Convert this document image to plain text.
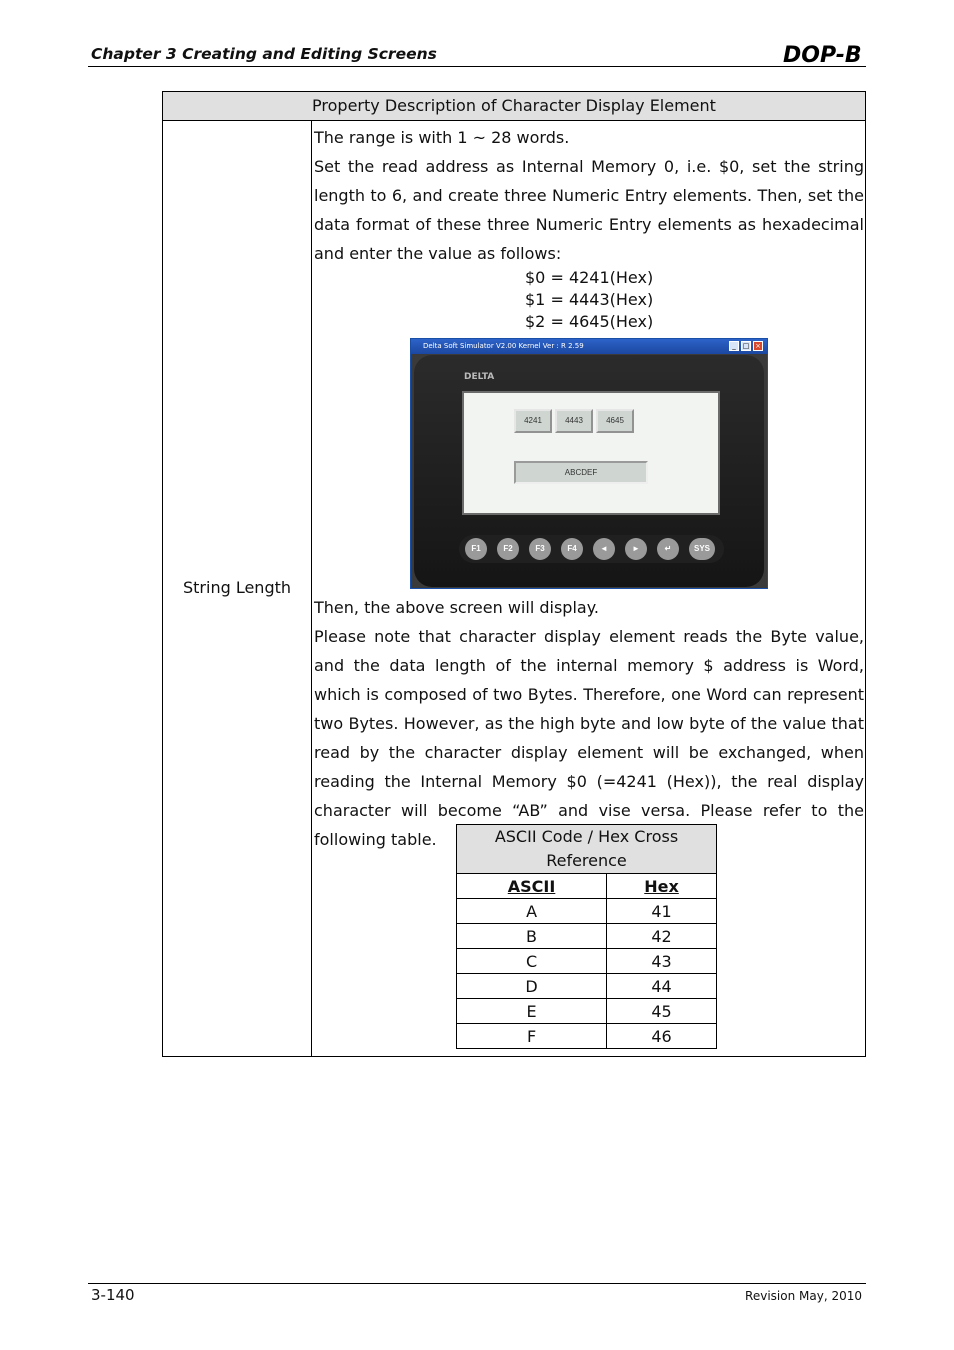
Chapter 3 Creating and Editing Screens	DOP-B
Property Description of Character Display Element
String Length

The range is with 1 ~ 28 words.

Set the read address as Internal Memory 0, i.e. $0, set the string length to 6, and create three Numeric Entry elements. Then, set the data format of these three Numeric Entry elements as hexadecimal and enter the value as follows:

$0 = 4241(Hex)
$1 = 4443(Hex)
$2 = 4645(Hex)
Delta Soft Simulator V2.00 Kernel Ver : R 2.59	_ □ ×
DELTA
4241	4443	4645
ABCDEF
F1	F2	F3	F4	◄	►	↵	SYS

Then, the above screen will display.

Please note that character display element reads the Byte value, and the data length of the internal memory $ address is Word, which is composed of two Bytes. Therefore, one Word can represent two Bytes. However, as the high byte and low byte of the value that read by the character display element will be exchanged, when reading the Internal Memory $0 (=4241 (Hex)), the real display character will become “AB” and vise versa. Please refer to the following table.	ASCII Code / Hex Cross Reference	
ASCII	Hex
A	41
B	42
C	43
D	44
E	45
F	46
3-140	Revision May, 2010
